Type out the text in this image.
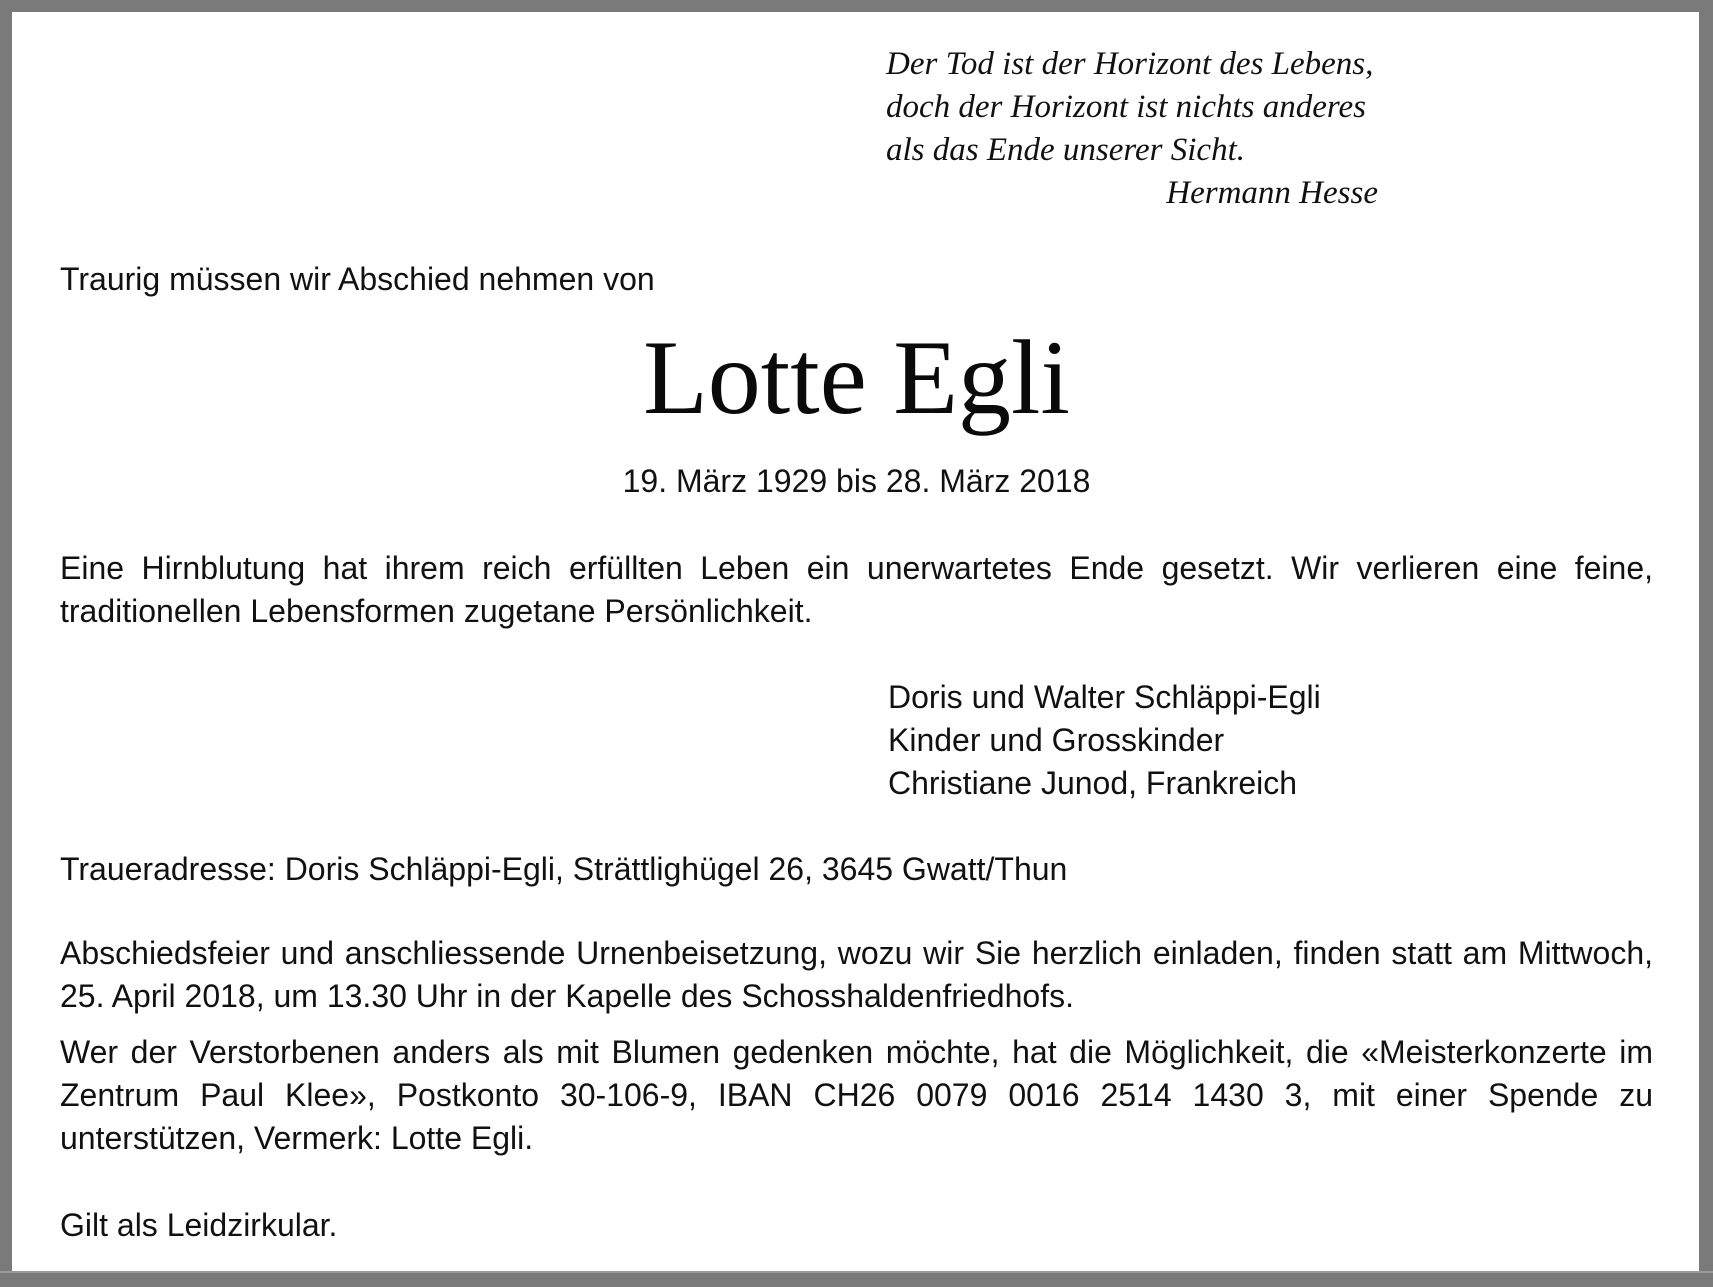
Der Tod ist der Horizont des Lebens,
doch der Horizont ist nichts anderes
als das Ende unserer Sicht.
Hermann Hesse
Traurig müssen wir Abschied nehmen von
Lotte Egli
19. März 1929 bis 28. März 2018
Eine Hirnblutung hat ihrem reich erfüllten Leben ein unerwartetes Ende gesetzt. Wir verlieren eine feine, traditionellen Lebensformen zugetane Persönlichkeit.
Doris und Walter Schläppi-Egli
Kinder und Grosskinder
Christiane Junod, Frankreich
Traueradresse: Doris Schläppi-Egli, Strättlighügel 26, 3645 Gwatt/Thun
Abschiedsfeier und anschliessende Urnenbeisetzung, wozu wir Sie herzlich einladen, finden statt am Mittwoch, 25. April 2018, um 13.30 Uhr in der Kapelle des Schosshaldenfriedhofs.
Wer der Verstorbenen anders als mit Blumen gedenken möchte, hat die Möglichkeit, die «Meisterkonzerte im Zentrum Paul Klee», Postkonto 30-106-9, IBAN CH26 0079 0016 2514 1430 3, mit einer Spende zu unterstützen, Vermerk: Lotte Egli.
Gilt als Leidzirkular.
